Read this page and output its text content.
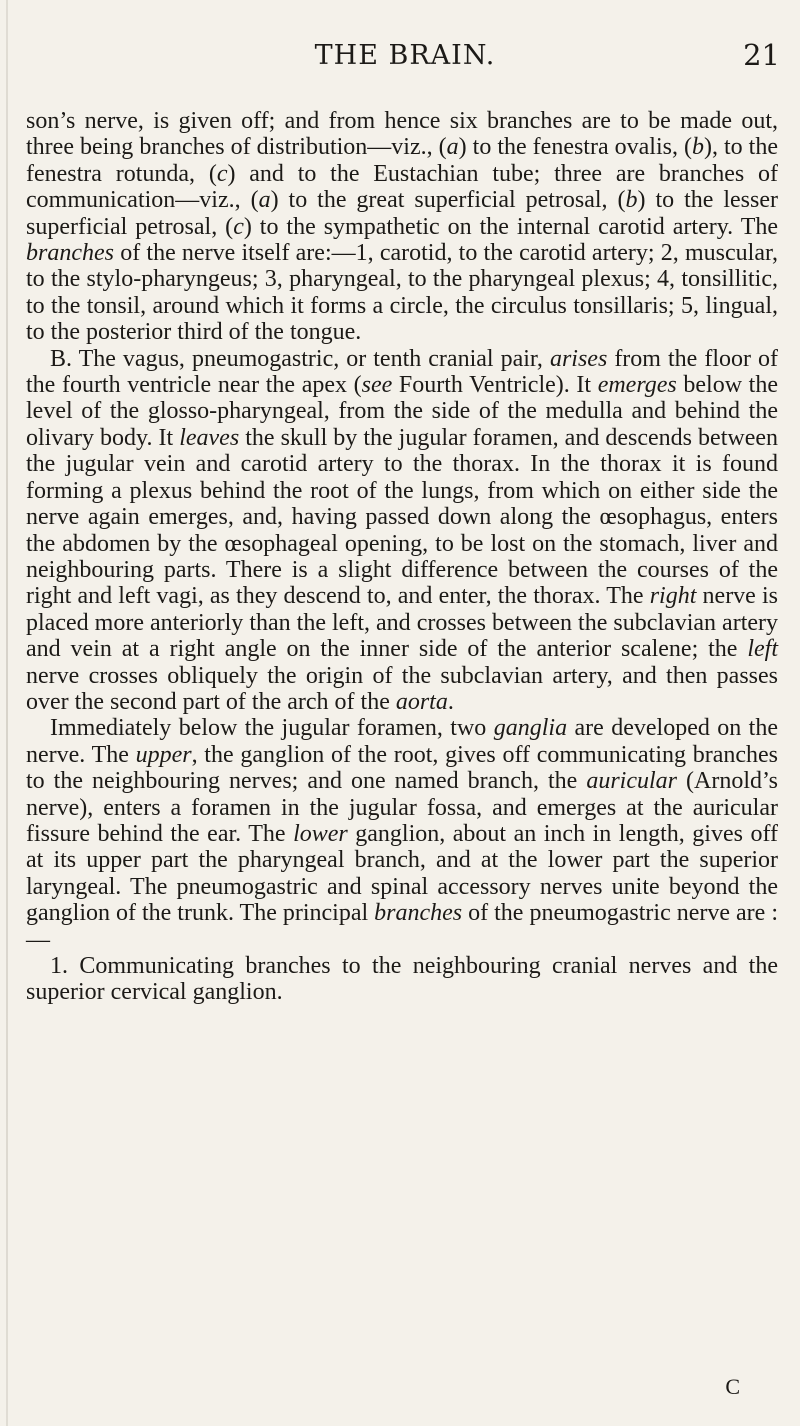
THE BRAIN.	21

son’s nerve, is given off; and from hence six branches are to be made out, three being branches of distribution—viz., (a) to the fenestra ovalis, (b), to the fenestra rotunda, (c) and to the Eustachian tube; three are branches of communication—viz., (a) to the great superficial petrosal, (b) to the lesser superficial petrosal, (c) to the sympathetic on the internal carotid artery. The branches of the nerve itself are:—1, carotid, to the carotid artery; 2, muscular, to the stylo-pharyngeus; 3, pharyngeal, to the pharyngeal plexus; 4, tonsillitic, to the tonsil, around which it forms a circle, the circulus tonsillaris; 5, lingual, to the posterior third of the tongue.

B. The vagus, pneumogastric, or tenth cranial pair, arises from the floor of the fourth ventricle near the apex (see Fourth Ventricle). It emerges below the level of the glosso-pharyngeal, from the side of the medulla and behind the olivary body. It leaves the skull by the jugular foramen, and descends between the jugular vein and carotid artery to the thorax. In the thorax it is found forming a plexus behind the root of the lungs, from which on either side the nerve again emerges, and, having passed down along the œsophagus, enters the abdomen by the œsophageal opening, to be lost on the stomach, liver and neighbouring parts. There is a slight difference between the courses of the right and left vagi, as they descend to, and enter, the thorax. The right nerve is placed more anteriorly than the left, and crosses between the subclavian artery and vein at a right angle on the inner side of the anterior scalene; the left nerve crosses obliquely the origin of the subclavian artery, and then passes over the second part of the arch of the aorta.

Immediately below the jugular foramen, two ganglia are developed on the nerve. The upper, the ganglion of the root, gives off communicating branches to the neighbouring nerves; and one named branch, the auricular (Arnold’s nerve), enters a foramen in the jugular fossa, and emerges at the auricular fissure behind the ear. The lower ganglion, about an inch in length, gives off at its upper part the pharyngeal branch, and at the lower part the superior laryngeal. The pneumogastric and spinal accessory nerves unite beyond the ganglion of the trunk. The principal branches of the pneumogastric nerve are :—

1. Communicating branches to the neighbouring cranial nerves and the superior cervical ganglion.

C
